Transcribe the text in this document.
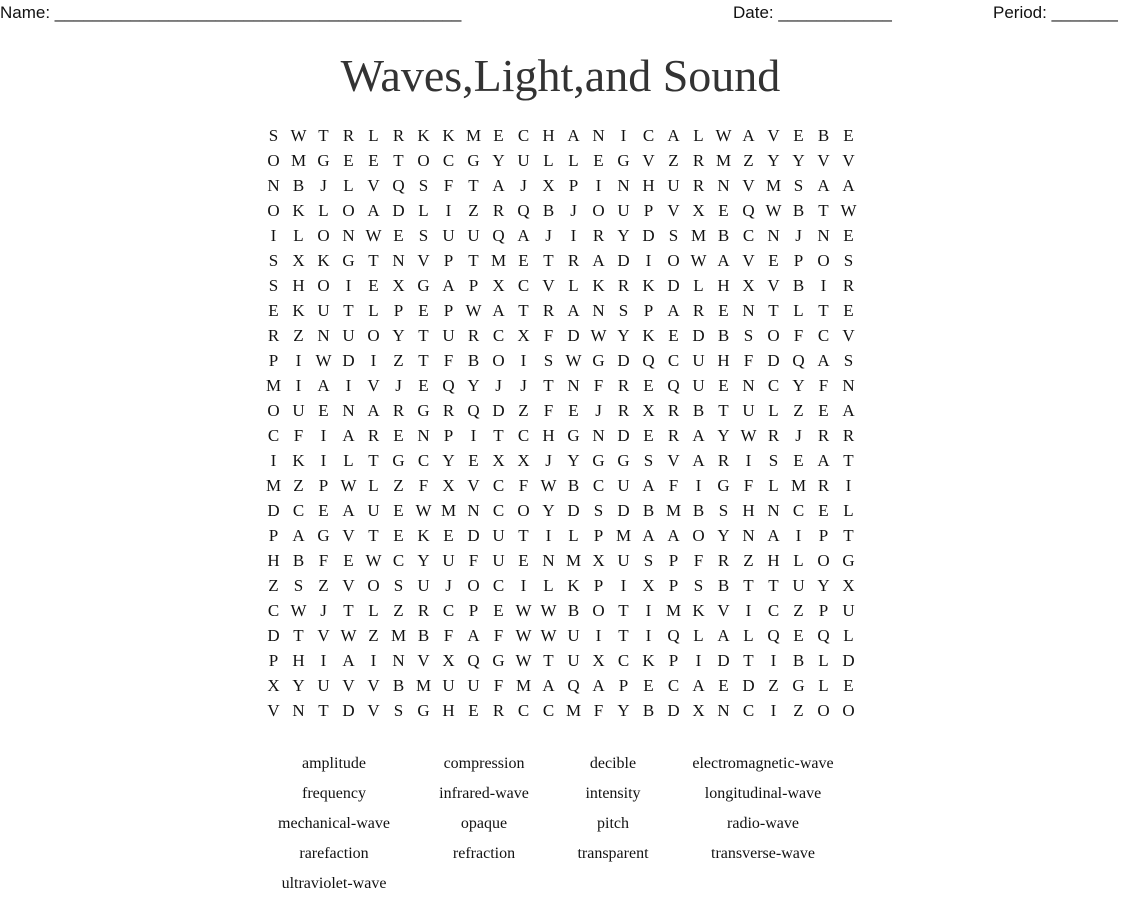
Name: ___________________________________________	Date: ____________	Period: _______
Waves,Light,and Sound
S W T R L R K K M E C H A N I C A L W A V E B E
O M G E E T O C G Y U L L E G V Z R M Z Y Y V V
N B J L V Q S F T A J X P	I N H U R N V M S A A
O K L O A D L I Z R Q B J O U P V X E Q W B T W
I L O N W E S U U Q A J	I R Y D S M B C N J N E
S X K G T N V P T M E T R A D I O W A V E P O S
S H O I E X G A P X C V L K R K D L H X V B I R
E K U T L P E P W A T R A N S P A R E N T L T E
R Z N U O Y T U R C X F D W Y K E D B S O F C V
P	I W D I Z T F B O I	S W G D Q C U H F D Q A S
M I A I V J E Q Y J	J T N F R E Q U E N C Y F N
O U E N A R G R Q D Z F E J R X R B T U L Z E A
C F	I A R E N P	I T C H G N D E R A Y W R J R R
I K I L T G C Y E X X J Y G G S V A R I	S E A T
M Z P W L Z F X V C F W B C U A F	I G F L M R I
D C E A U E W M N C O Y D S D B M B S H N C E L
P A G V T E K E D U T I L P M A A O Y N A I	P T
H B F E W C Y U F U E N M X U S P F R Z H L O G
Z S Z V O S U J O C I L K P	I X P S B T T U Y X
C W J T L Z R C P E W W B O T I M K V I C Z P U
D T V W Z M B F A F W W U I T I Q L A L Q E Q L
P H I A I N V X Q G W T U X C K P	I D T I B L D
X Y U V V B M U U F M A Q A P E C A E D Z G L E
V N T D V S G H E R C C M F Y B D X N C I Z O O
amplitude	compression	decible	electromagnetic-wave
frequency	infrared-wave	intensity	longitudinal-wave
mechanical-wave	opaque	pitch	radio-wave
rarefaction	refraction	transparent	transverse-wave
ultraviolet-wave
